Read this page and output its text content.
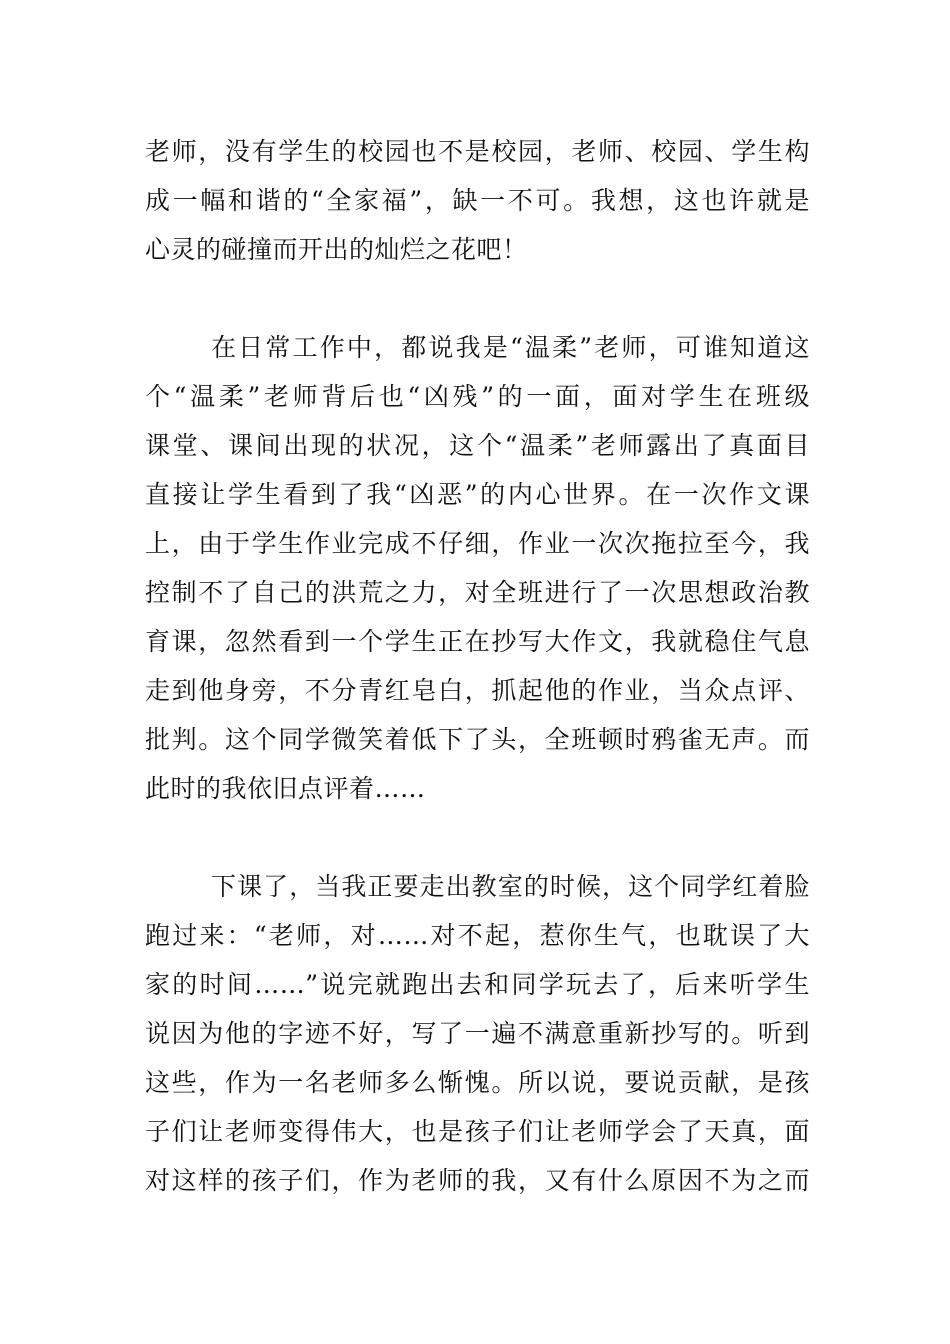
老师，没有学生的校园也不是校园，老师、校园、学生构
成一幅和谐的“全家福”，缺一不可。我想，这也许就是
心灵的碰撞而开出的灿烂之花吧！
在日常工作中，都说我是“温柔”老师，可谁知道这
个“温柔”老师背后也“凶残”的一面，面对学生在班级
课堂、课间出现的状况，这个“温柔”老师露出了真面目
直接让学生看到了我“凶恶”的内心世界。在一次作文课
上，由于学生作业完成不仔细，作业一次次拖拉至今，我
控制不了自己的洪荒之力，对全班进行了一次思想政治教
育课，忽然看到一个学生正在抄写大作文，我就稳住气息
走到他身旁，不分青红皂白，抓起他的作业，当众点评、
批判。这个同学微笑着低下了头，全班顿时鸦雀无声。而
此时的我依旧点评着……
下课了，当我正要走出教室的时候，这个同学红着脸
跑过来：“老师，对……对不起，惹你生气，也耽误了大
家的时间……”说完就跑出去和同学玩去了，后来听学生
说因为他的字迹不好，写了一遍不满意重新抄写的。听到
这些，作为一名老师多么惭愧。所以说，要说贡献，是孩
子们让老师变得伟大，也是孩子们让老师学会了天真，面
对这样的孩子们，作为老师的我，又有什么原因不为之而
